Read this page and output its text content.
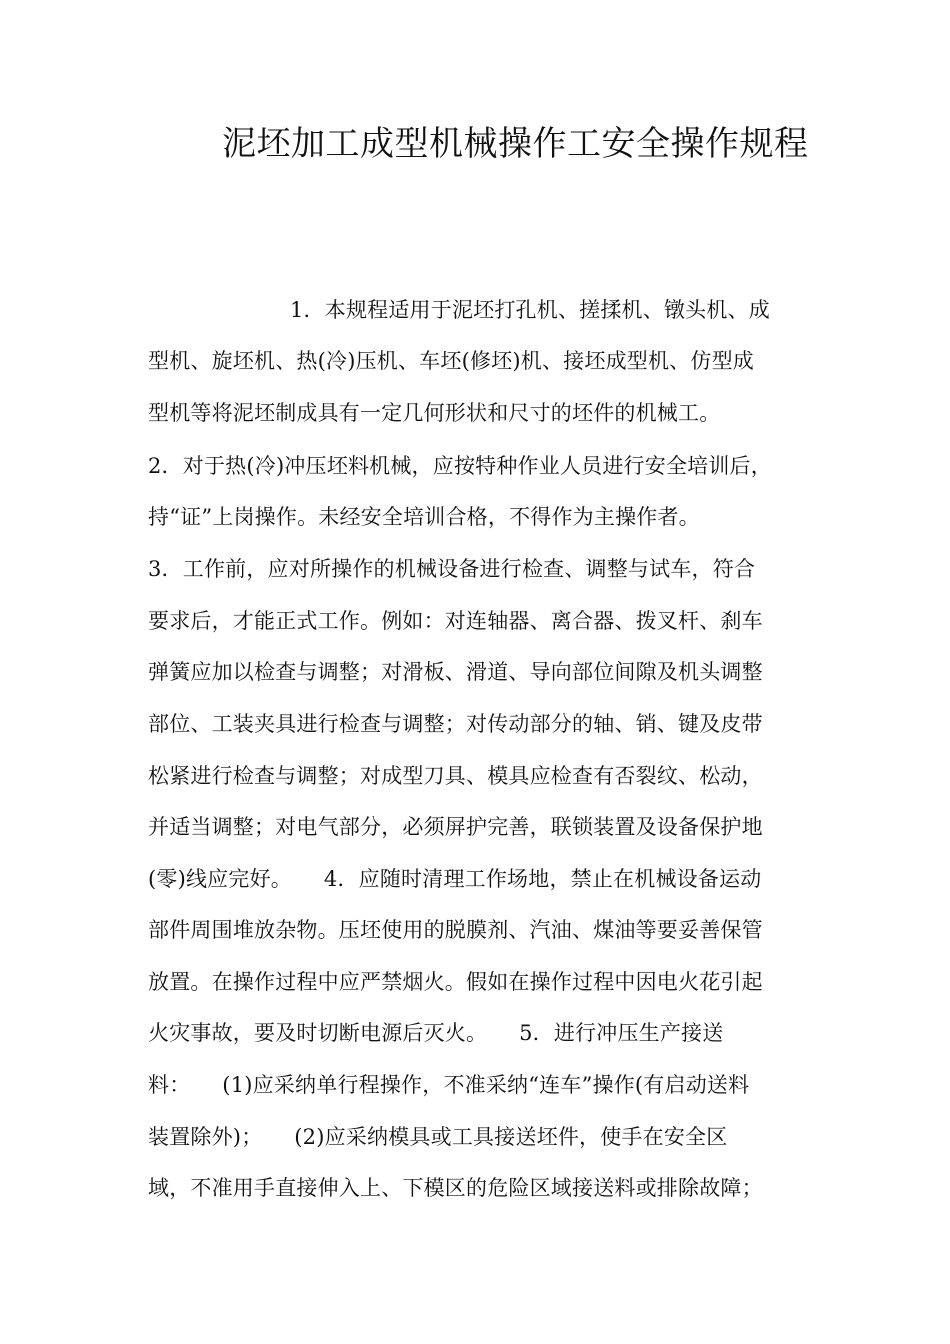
泥坯加工成型机械操作工安全操作规程
1．本规程适用于泥坯打孔机、搓揉机、镦头机、成
型机、旋坯机、热(冷)压机、车坯(修坯)机、接坯成型机、仿型成
型机等将泥坯制成具有一定几何形状和尺寸的坯件的机械工。
2．对于热(冷)冲压坯料机械，应按特种作业人员进行安全培训后，
持“证”上岗操作。未经安全培训合格，不得作为主操作者。
3．工作前，应对所操作的机械设备进行检查、调整与试车，符合
要求后，才能正式工作。例如：对连轴器、离合器、拨叉杆、刹车
弹簧应加以检查与调整；对滑板、滑道、导向部位间隙及机头调整
部位、工装夹具进行检查与调整；对传动部分的轴、销、键及皮带
松紧进行检查与调整；对成型刀具、模具应检查有否裂纹、松动，
并适当调整；对电气部分，必须屏护完善，联锁装置及设备保护地
(零)线应完好。　　4．应随时清理工作场地，禁止在机械设备运动
部件周围堆放杂物。压坯使用的脱膜剂、汽油、煤油等要妥善保管
放置。在操作过程中应严禁烟火。假如在操作过程中因电火花引起
火灾事故，要及时切断电源后灭火。　　5．进行冲压生产接送
料：　　(1)应采纳单行程操作，不准采纳“连车”操作(有启动送料
装置除外)；　　(2)应采纳模具或工具接送坯件，使手在安全区
域，不准用手直接伸入上、下模区的危险区域接送料或排除故障；
